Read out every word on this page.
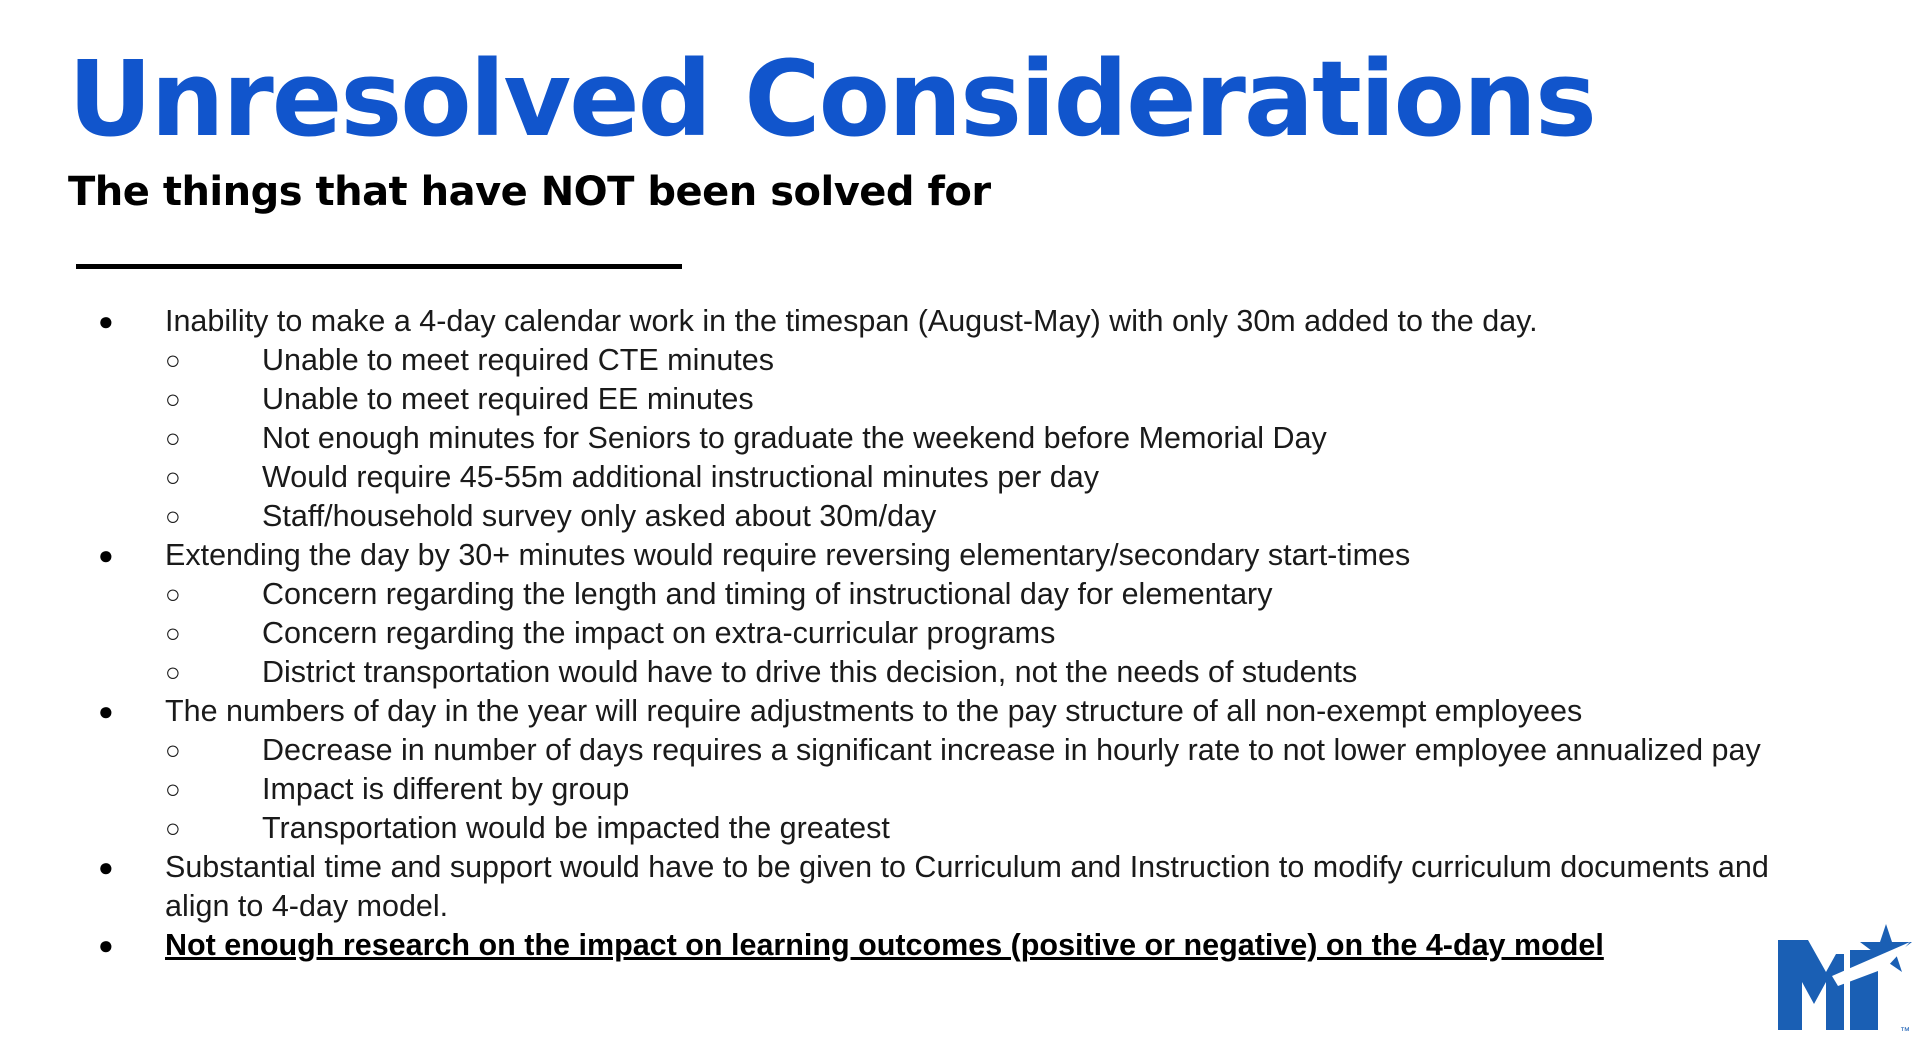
Unresolved Considerations
The things that have NOT been solved for
● Inability to make a 4-day calendar work in the timespan (August-May) with only 30m added to the day.
○	Unable to meet required CTE minutes
○	Unable to meet required EE minutes
○	Not enough minutes for Seniors to graduate the weekend before Memorial Day
○	Would require 45-55m additional instructional minutes per day
○	Staff/household survey only asked about 30m/day
● Extending the day by 30+ minutes would require reversing elementary/secondary start-times
○	Concern regarding the length and timing of instructional day for elementary
○	Concern regarding the impact on extra-curricular programs
○	District transportation would have to drive this decision, not the needs of students
● The numbers of day in the year will require adjustments to the pay structure of all non-exempt employees
○	Decrease in number of days requires a significant increase in hourly rate to not lower employee annualized pay
○	Impact is different by group
○	Transportation would be impacted the greatest
● Substantial time and support would have to be given to Curriculum and Instruction to modify curriculum documents and align to 4-day model.
● Not enough research on the impact on learning outcomes (positive or negative) on the 4-day model
™
